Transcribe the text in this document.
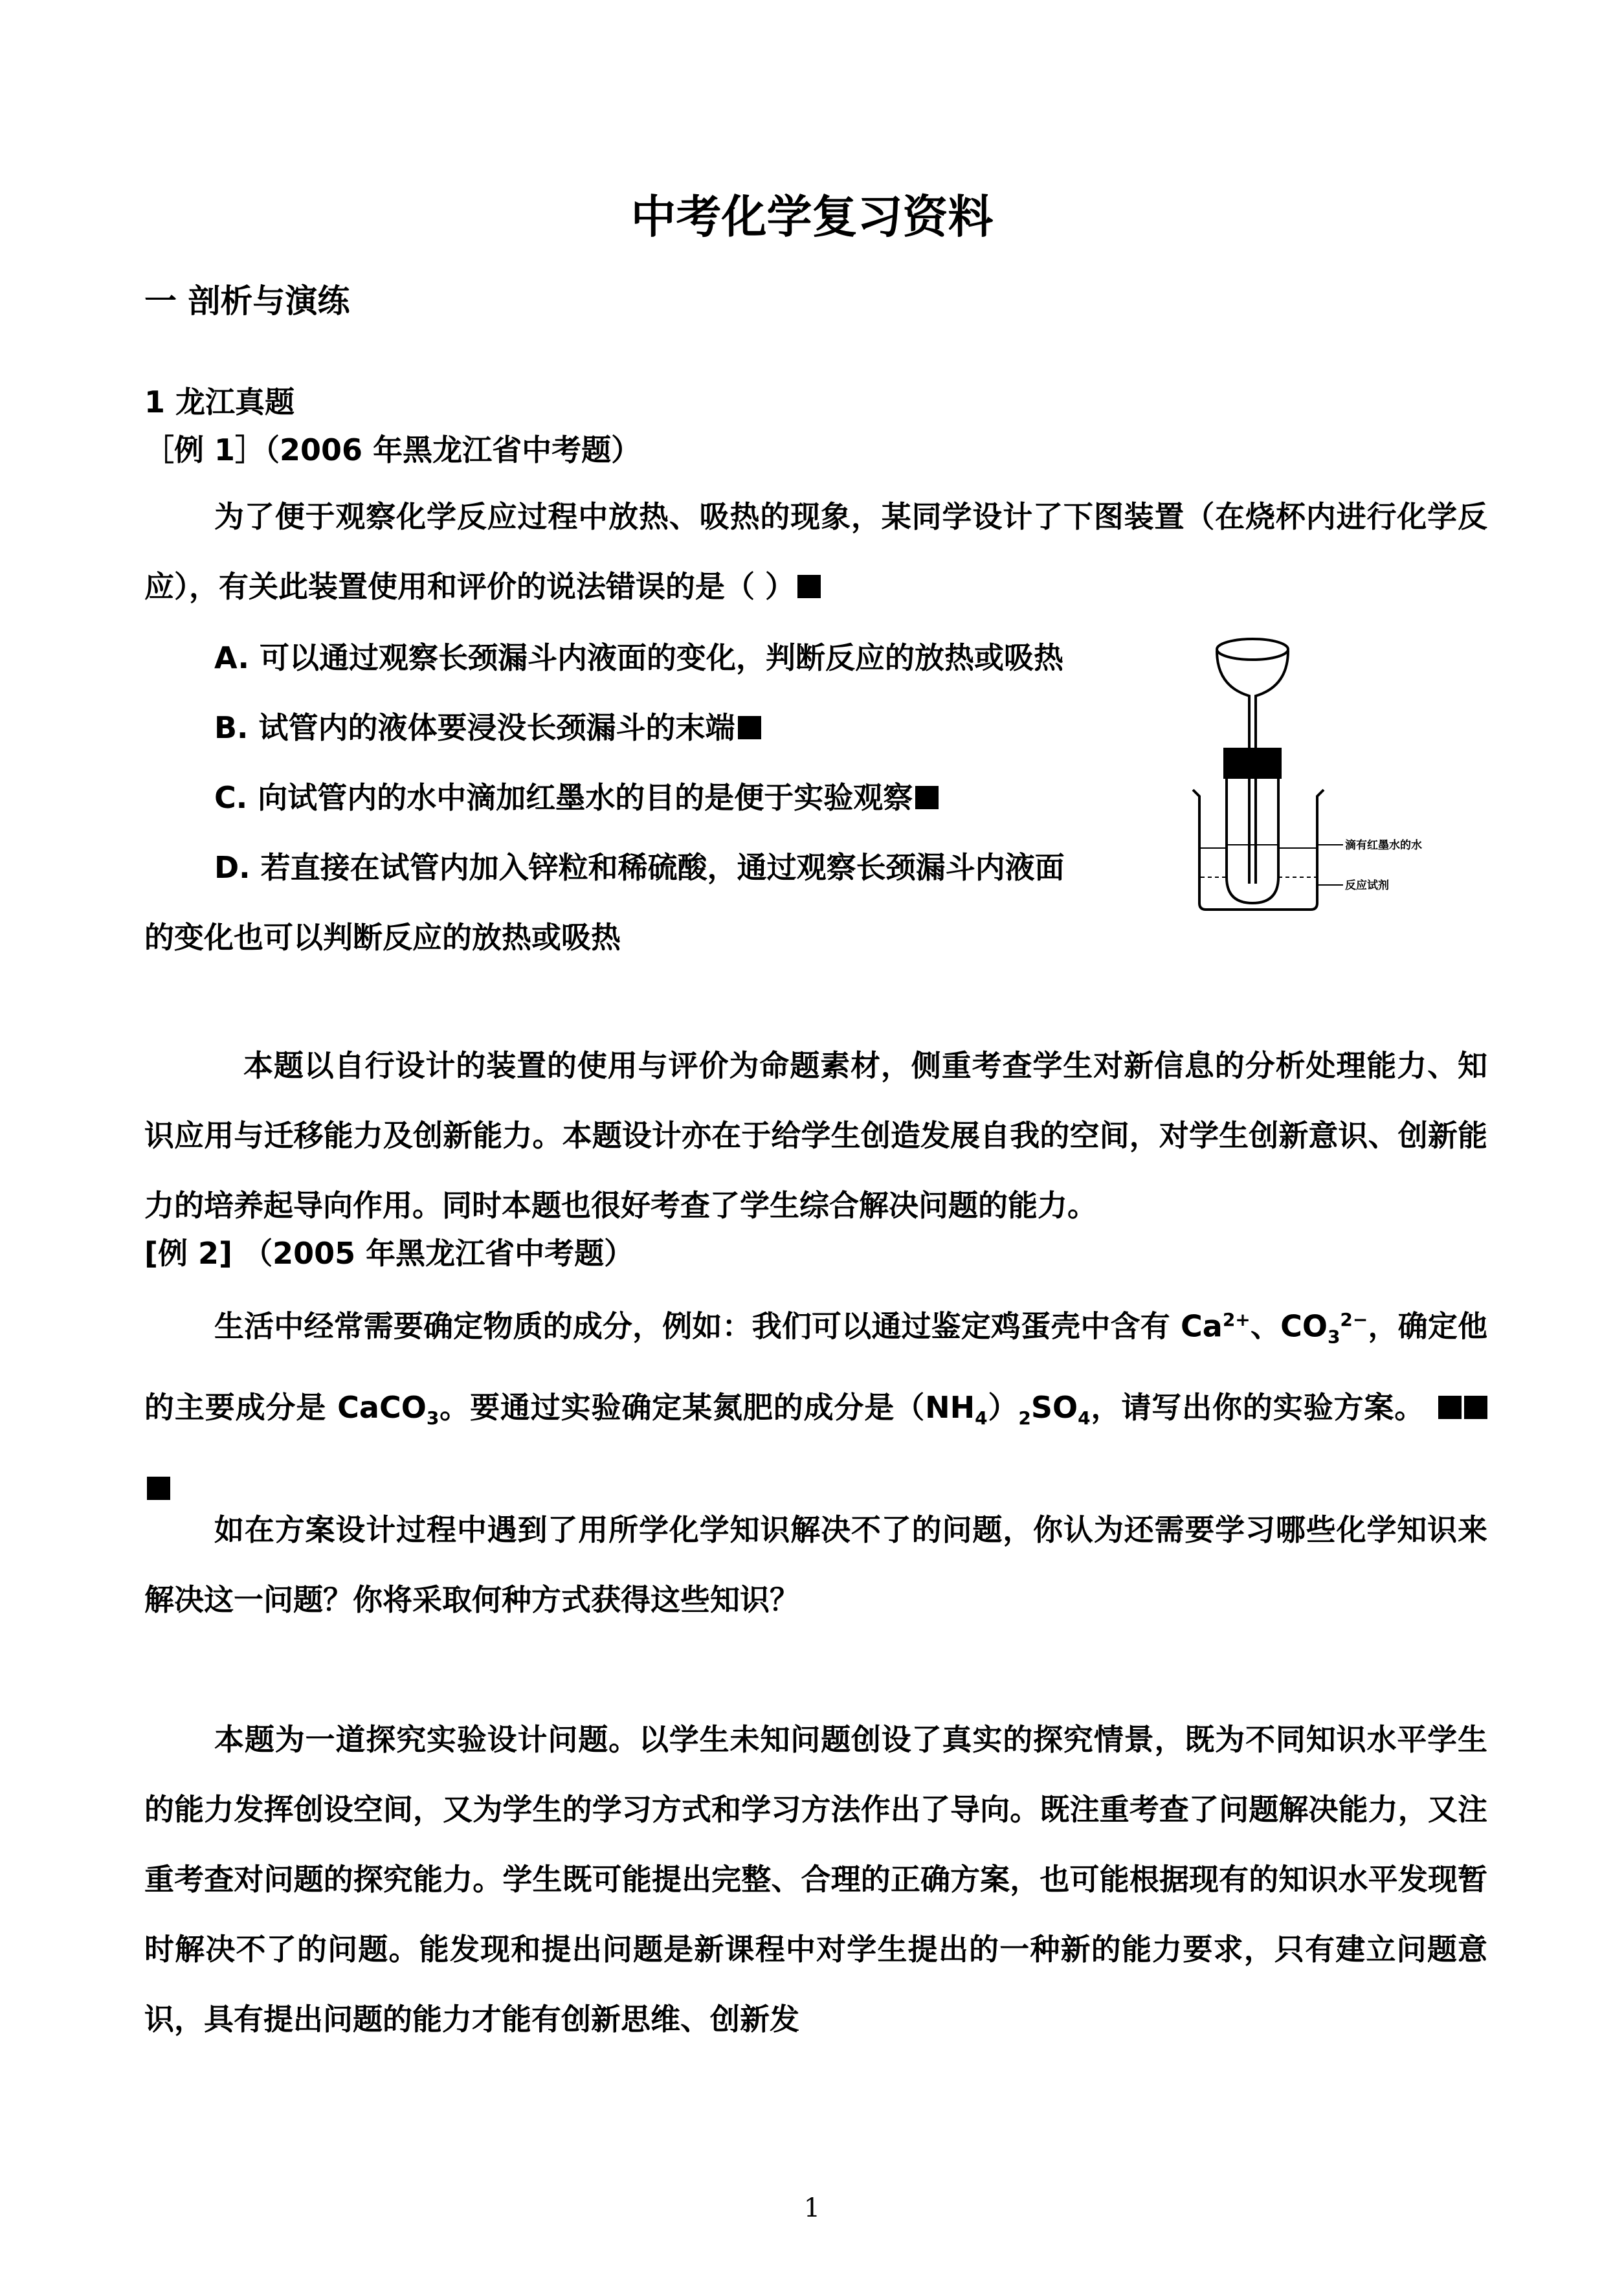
中考化学复习资料
一 剖析与演练
1 龙江真题
［例 1］（2006 年黑龙江省中考题）
为了便于观察化学反应过程中放热、吸热的现象，某同学设计了下图装置（在烧杯内进行化学反应），有关此装置使用和评价的说法错误的是（ ）
A. 可以通过观察长颈漏斗内液面的变化，判断反应的放热或吸热
B. 试管内的液体要浸没长颈漏斗的末端
C. 向试管内的水中滴加红墨水的目的是便于实验观察
D. 若直接在试管内加入锌粒和稀硫酸，通过观察长颈漏斗内液面
的变化也可以判断反应的放热或吸热
滴有红墨水的水
反应试剂
本题以自行设计的装置的使用与评价为命题素材，侧重考查学生对新信息的分析处理能力、知识应用与迁移能力及创新能力。本题设计亦在于给学生创造发展自我的空间，对学生创新意识、创新能力的培养起导向作用。同时本题也很好考查了学生综合解决问题的能力。
[例 2] （2005 年黑龙江省中考题）
生活中经常需要确定物质的成分，例如：我们可以通过鉴定鸡蛋壳中含有 $Ca^{2+}$、$CO_3^{2-}$，确定他的主要成分是 CaCO$_3$。要通过实验确定某氮肥的成分是$(NH_4)_2SO_4$，请写出你的实验方案。
如在方案设计过程中遇到了用所学化学知识解决不了的问题，你认为还需要学习哪些化学知识来解决这一问题？你将采取何种方式获得这些知识？
本题为一道探究实验设计问题。以学生未知问题创设了真实的探究情景，既为不同知识水平学生的能力发挥创设空间，又为学生的学习方式和学习方法作出了导向。既注重考查了问题解决能力，又注重考查对问题的探究能力。学生既可能提出完整、合理的正确方案，也可能根据现有的知识水平发现暂时解决不了的问题。能发现和提出问题是新课程中对学生提出的一种新的能力要求，只有建立问题意识，具有提出问题的能力才能有创新思维、创新发
1
